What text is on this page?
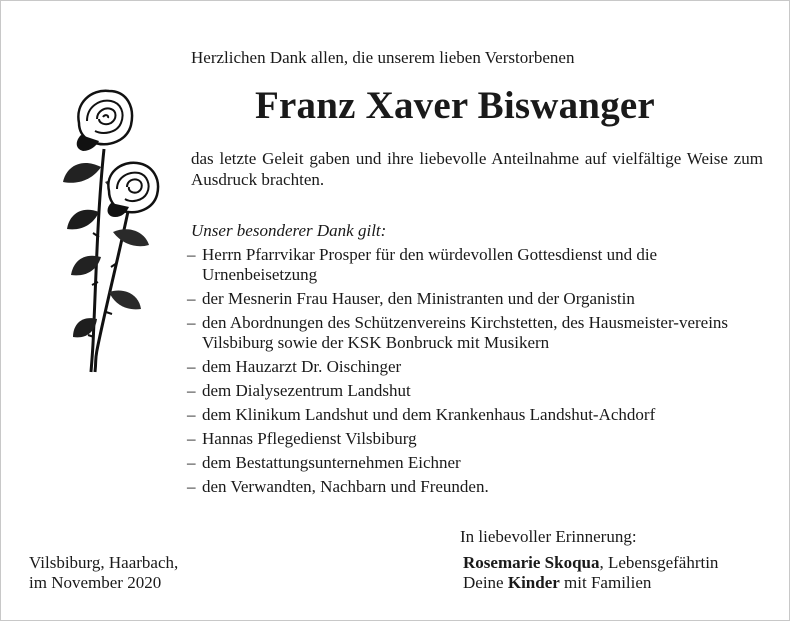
Herzlichen Dank allen, die unserem lieben Verstorbenen
Franz Xaver Biswanger
das letzte Geleit gaben und ihre liebevolle Anteilnahme auf vielfältige Weise zum Ausdruck brachten.
Unser besonderer Dank gilt:
– Herrn Pfarrvikar Prosper für den würdevollen Gottesdienst und die Urnenbeisetzung
– der Mesnerin Frau Hauser, den Ministranten und der Organistin
– den Abordnungen des Schützenvereins Kirchstetten, des Hausmeister-vereins Vilsbiburg sowie der KSK Bonbruck mit Musikern
– dem Hauzarzt Dr. Oischinger
– dem Dialysezentrum Landshut
– dem Klinikum Landshut und dem Krankenhaus Landshut-Achdorf
– Hannas Pflegedienst Vilsbiburg
– dem Bestattungsunternehmen Eichner
– den Verwandten, Nachbarn und Freunden.
In liebevoller Erinnerung:
Vilsbiburg, Haarbach,
im November 2020
Rosemarie Skoqua, Lebensgefährtin
Deine Kinder mit Familien
